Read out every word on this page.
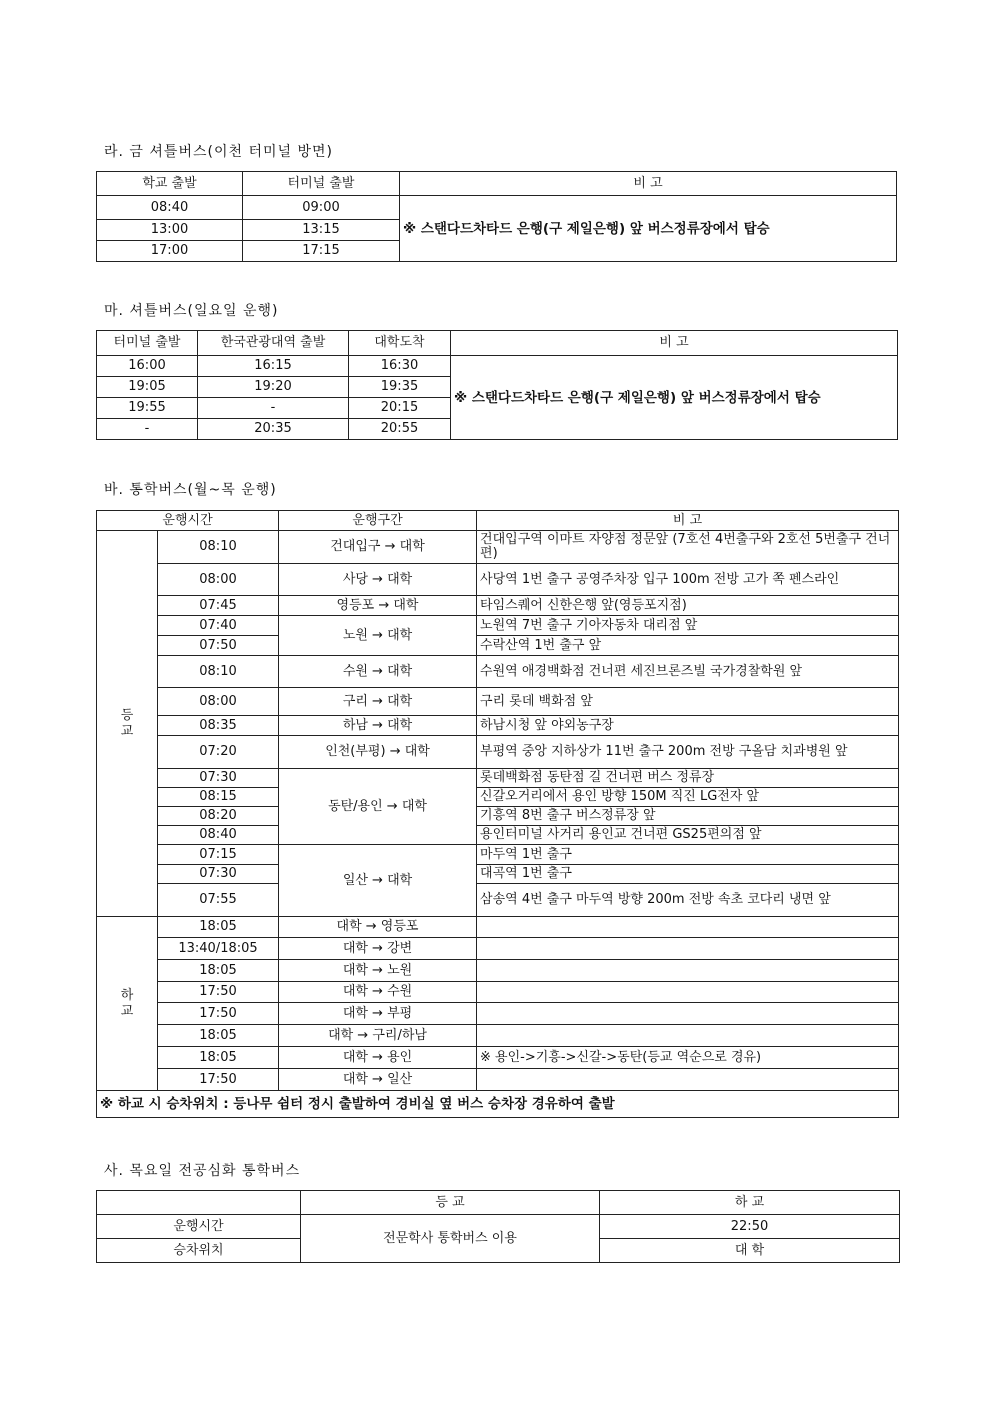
라. 금 셔틀버스(이천 터미널 방면)
학교 출발	터미널 출발	비 고
08:40	09:00	※ 스탠다드차타드 은행(구 제일은행) 앞 버스정류장에서 탑승
13:00	13:15	
17:00	17:15	
마. 셔틀버스(일요일 운행)
터미널 출발	한국관광대역 출발	대학도착	비 고
16:00	16:15	16:30	※ 스탠다드차타드 은행(구 제일은행) 앞 버스정류장에서 탑승
19:05	19:20	19:35	
19:55	-	20:15	
-	20:35	20:55	
바. 통학버스(월~목 운행)
운행시간		운행구간	비 고
등교	08:10	건대입구 → 대학	건대입구역 이마트 자양점 정문앞 (7호선 4번출구와 2호선 5번출구 건너편)
	08:00	사당 → 대학	사당역 1번 출구 공영주차장 입구 100m 전방 고가 쪽 펜스라인
	07:45	영등포 → 대학	타임스퀘어 신한은행 앞(영등포지점)
	07:40	노원 → 대학	노원역 7번 출구 기아자동차 대리점 앞
	07:50		수락산역 1번 출구 앞
	08:10	수원 → 대학	수원역 애경백화점 건너편 세진브론즈빌 국가경찰학원 앞
	08:00	구리 → 대학	구리 롯데 백화점 앞
	08:35	하남 → 대학	하남시청 앞 야외농구장
	07:20	인천(부평) → 대학	부평역 중앙 지하상가 11번 출구 200m 전방 구올담 치과병원 앞
	07:30	동탄/용인 → 대학	롯데백화점 동탄점 길 건너편 버스 정류장
	08:15		신갈오거리에서 용인 방향 150M 직진 LG전자 앞
	08:20		기흥역 8번 출구 버스정류장 앞
	08:40		용인터미널 사거리 용인교 건너편 GS25편의점 앞
	07:15	일산 → 대학	마두역 1번 출구
	07:30		대곡역 1번 출구
	07:55		삼송역 4번 출구 마두역 방향 200m 전방 속초 코다리 냉면 앞
하교	18:05	대학 → 영등포	
	13:40/18:05	대학 → 강변	
	18:05	대학 → 노원	
	17:50	대학 → 수원	
	17:50	대학 → 부평	
	18:05	대학 → 구리/하남	
	18:05	대학 → 용인	※ 용인->기흥->신갈->동탄(등교 역순으로 경유)
	17:50	대학 → 일산	
※ 하교 시 승차위치 : 등나무 쉼터 정시 출발하여 경비실 옆 버스 승차장 경유하여 출발			
사. 목요일 전공심화 통학버스
	등 교	하 교
운행시간	전문학사 통학버스 이용	22:50
승차위치		대 학
